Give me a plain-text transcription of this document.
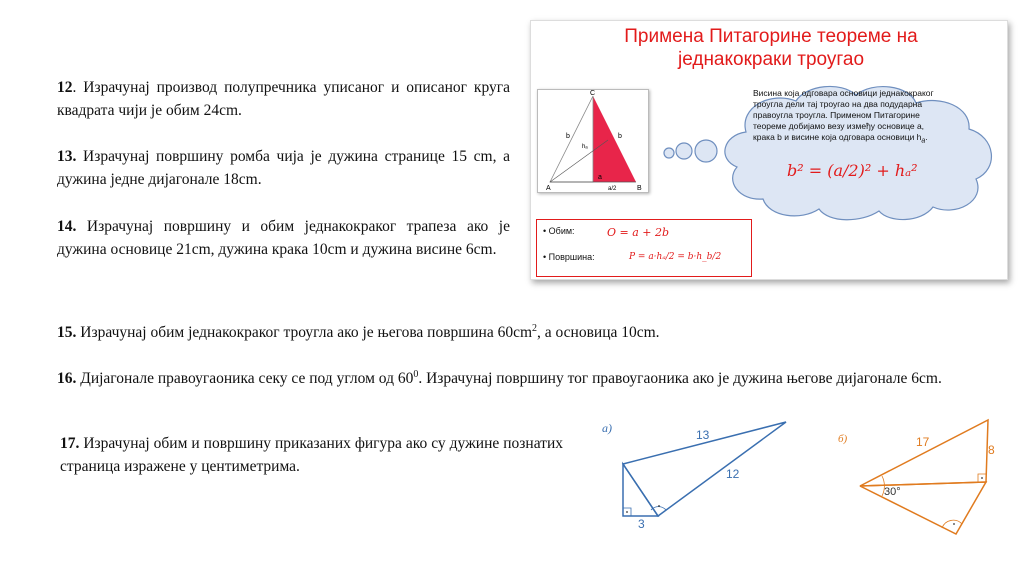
12. Израчунај производ полупречника уписаног и описаног круга квадрата чији је обим 24cm.
13. Израчунај површину ромба чија је дужина странице 15 cm, а дужина једне дијагонале 18cm.
14. Израчунај површину и обим једнакокраког трапеза ако је дужина основице 21cm, дужина крака 10cm и дужина висине 6cm.
15. Израчунај обим једнакокраког троугла ако је његова површина $60cm^2$, а основица 10cm.
16. Дијагонале правоугаоника секу се под углом од $60^0$. Израчунај површину тог правоугаоника ако је дужина његове дијагонале 6cm.
17. Израчунај обим и површину приказаних фигура ако су дужине познатих страница изражене у центиметрима.
Примена Питагорине теореме на
једнакокраки троугао
Висина која одговара основици једнакокраког троугла дели тај троугао на два подударна правоугла троугла. Применом Питагорине теореме добијамо везу између основице а, крака b и висине која одговара основици $h_a$.
b² = (a/2)² + hₐ²
C
A	B
b	b
hₐ
a
a/2
• Обим:	O = a + 2b
• Површина:	P = a·hₐ/2 = b·h_b/2
а)	13
12
3
б)	17
8
30°
